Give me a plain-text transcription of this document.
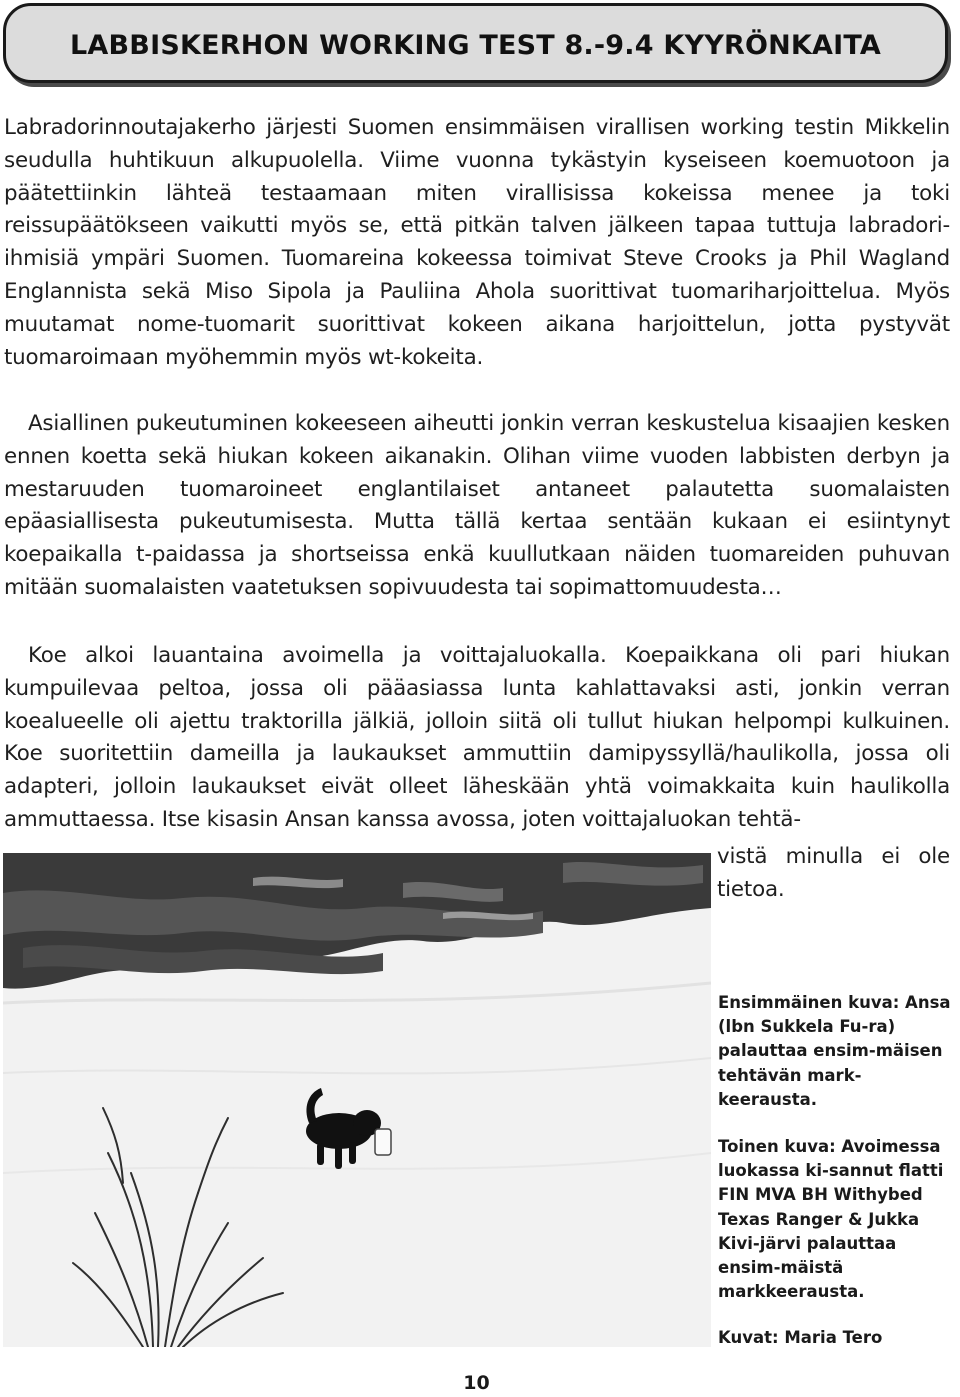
LABBISKERHON WORKING TEST 8.-9.4 KYYRÖNKAITA

Labradorinnoutajakerho järjesti Suomen ensimmäisen virallisen working testin Mikkelin seudulla huhtikuun alkupuolella. Viime vuonna tykästyin kyseiseen koemuotoon ja päätettiinkin lähteä testaamaan miten virallisissa kokeissa menee ja toki reissupäätökseen vaikutti myös se, että pitkän talven jälkeen tapaa tuttuja labradori-ihmisiä ympäri Suomen. Tuomareina kokeessa toimivat Steve Crooks ja Phil Wagland Englannista sekä Miso Sipola ja Pauliina Ahola suorittivat tuomariharjoittelua. Myös muutamat nome-tuomarit suorittivat kokeen aikana harjoittelun, jotta pystyvät tuomaroimaan myöhemmin myös wt-kokeita.

Asiallinen pukeutuminen kokeeseen aiheutti jonkin verran keskustelua kisaajien kesken ennen koetta sekä hiukan kokeen aikanakin. Olihan viime vuoden labbisten derbyn ja mestaruuden tuomaroineet englantilaiset antaneet palautetta suomalaisten epäasiallisesta pukeutumisesta. Mutta tällä kertaa sentään kukaan ei esiintynyt koepaikalla t-paidassa ja shortseissa enkä kuullutkaan näiden tuomareiden puhuvan mitään suomalaisten vaatetuksen sopivuudesta tai sopimattomuudesta…

Koe alkoi lauantaina avoimella ja voittajaluokalla. Koepaikkana oli pari hiukan kumpuilevaa peltoa, jossa oli pääasiassa lunta kahlattavaksi asti, jonkin verran koealueelle oli ajettu traktorilla jälkiä, jolloin siitä oli tullut hiukan helpompi kulkuinen. Koe suoritettiin dameilla ja laukaukset ammuttiin damipyssyllä/haulikolla, jossa oli adapteri, jolloin laukaukset eivät olleet läheskään yhtä voimakkaita kuin haulikolla ammuttaessa. Itse kisasin Ansan kanssa avossa, joten voittajaluokan tehtä-

vistä minulla ei ole tietoa.

Ensimmäinen kuva: Ansa (lbn Sukkela Fu-ra) palauttaa ensim-mäisen tehtävän mark-keerausta.

Toinen kuva: Avoimessa luokassa ki-sannut flatti FIN MVA BH Withybed Texas Ranger & Jukka Kivi-järvi palauttaa ensim-mäistä markkeerausta.

Kuvat: Maria Tero

10
